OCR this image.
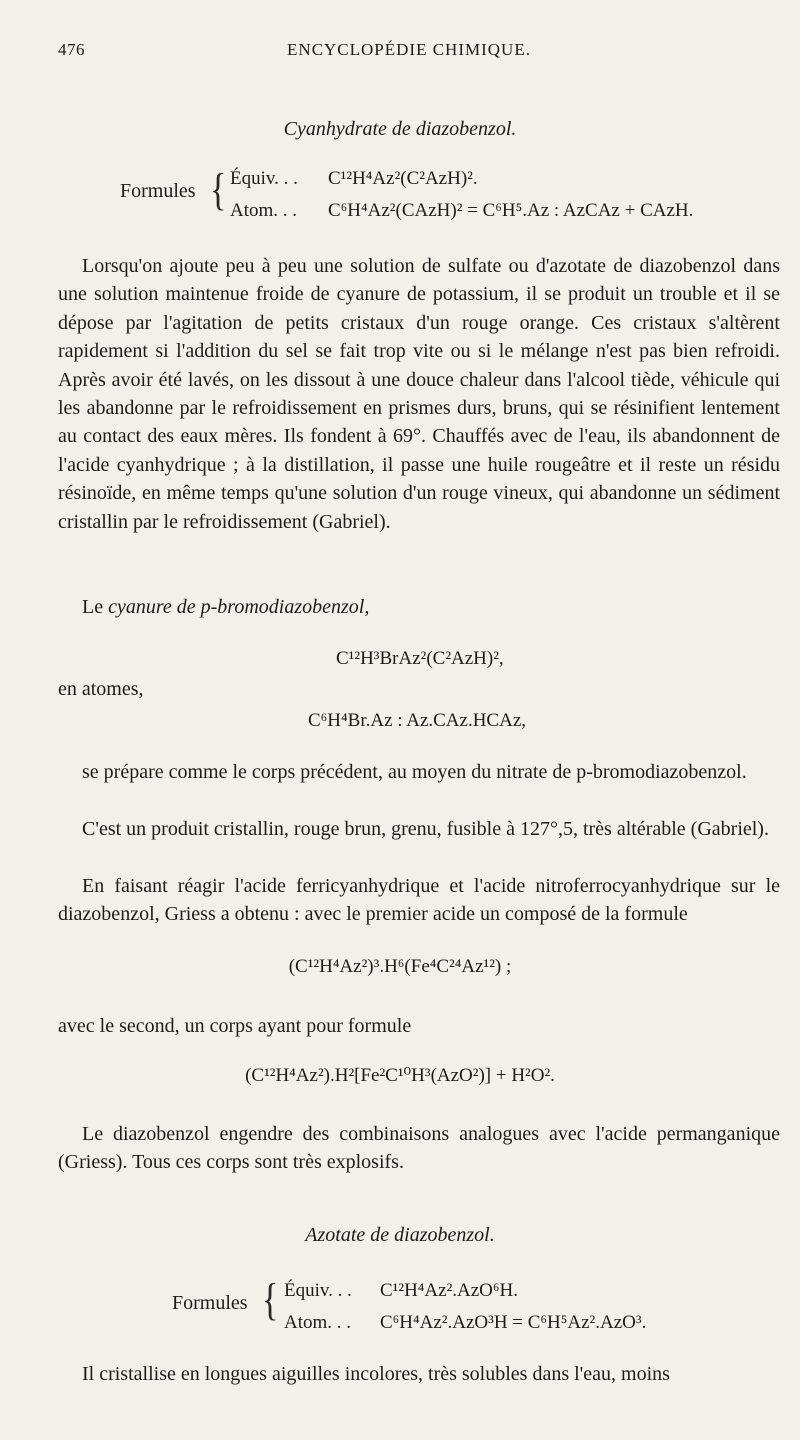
476	ENCYCLOPÉDIE CHIMIQUE.
Cyanhydrate de diazobenzol.
Formules { Équiv. . . C¹²H⁴Az²(C²AzH)².
Atom. . . C⁶H⁴Az²(CAzH)² = C⁶H⁵.Az : AzCAz + CAzH.

Lorsqu'on ajoute peu à peu une solution de sulfate ou d'azotate de diazobenzol dans une solution maintenue froide de cyanure de potassium, il se produit un trouble et il se dépose par l'agitation de petits cristaux d'un rouge orange. Ces cristaux s'altèrent rapidement si l'addition du sel se fait trop vite ou si le mélange n'est pas bien refroidi. Après avoir été lavés, on les dissout à une douce chaleur dans l'alcool tiède, véhicule qui les abandonne par le refroidissement en prismes durs, bruns, qui se résinifient lentement au contact des eaux mères. Ils fondent à 69°. Chauffés avec de l'eau, ils abandonnent de l'acide cyanhydrique ; à la distillation, il passe une huile rougeâtre et il reste un résidu résinoïde, en même temps qu'une solution d'un rouge vineux, qui abandonne un sédiment cristallin par le refroidissement (Gabriel).

Le cyanure de p-bromodiazobenzol,
C¹²H³BrAz²(C²AzH)²,
en atomes,
C⁶H⁴Br.Az : Az.CAz.HCAz,

se prépare comme le corps précédent, au moyen du nitrate de p-bromodiazobenzol.

C'est un produit cristallin, rouge brun, grenu, fusible à 127°,5, très altérable (Gabriel).

En faisant réagir l'acide ferricyanhydrique et l'acide nitroferrocyanhydrique sur le diazobenzol, Griess a obtenu : avec le premier acide un composé de la formule

(C¹²H⁴Az²)³.H⁶(Fe⁴C²⁴Az¹²) ;

avec le second, un corps ayant pour formule

(C¹²H⁴Az²).H²[Fe²C¹⁰H³(AzO²)] + H²O².

Le diazobenzol engendre des combinaisons analogues avec l'acide permanganique (Griess). Tous ces corps sont très explosifs.

Azotate de diazobenzol.
Formules { Équiv. . . C¹²H⁴Az².AzO⁶H.
Atom. . . C⁶H⁴Az².AzO³H = C⁶H⁵Az².AzO³.

Il cristallise en longues aiguilles incolores, très solubles dans l'eau, moins
